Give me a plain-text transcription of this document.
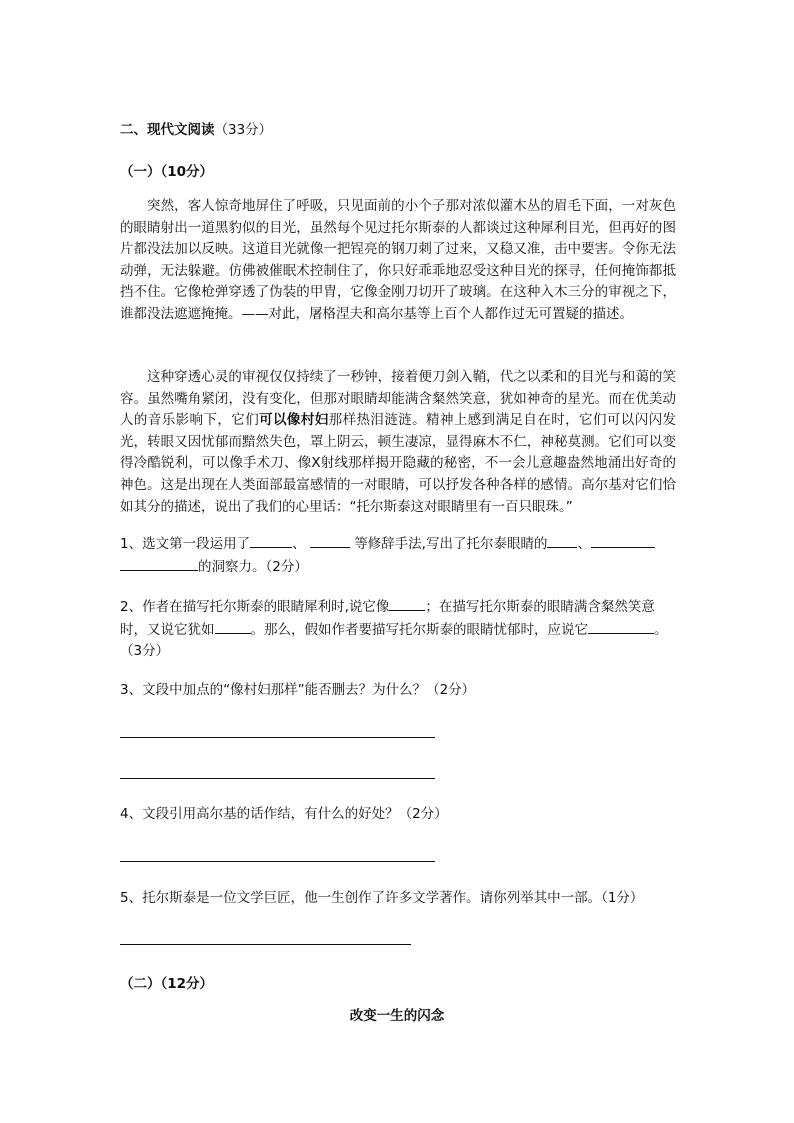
二、现代文阅读（33分）
（一）（10分）
突然，客人惊奇地屏住了呼吸，只见面前的小个子那对浓似灌木丛的眉毛下面，一对灰色的眼睛射出一道黑豹似的目光，虽然每个见过托尔斯泰的人都谈过这种犀利目光，但再好的图片都没法加以反映。这道目光就像一把锃亮的钢刀刺了过来，又稳又准，击中要害。令你无法动弹，无法躲避。仿佛被催眠术控制住了，你只好乖乖地忍受这种目光的探寻，任何掩饰都抵挡不住。它像枪弹穿透了伪装的甲胄，它像金刚刀切开了玻璃。在这种入木三分的审视之下，谁都没法遮遮掩掩。——对此，屠格涅夫和高尔基等上百个人都作过无可置疑的描述。
这种穿透心灵的审视仅仅持续了一秒钟，接着便刀剑入鞘，代之以柔和的目光与和蔼的笑容。虽然嘴角紧闭，没有变化，但那对眼睛却能满含粲然笑意，犹如神奇的星光。而在优美动人的音乐影响下，它们可以像村妇那样热泪涟涟。精神上感到满足自在时，它们可以闪闪发光，转眼又因忧郁而黯然失色，罩上阴云，顿生凄凉，显得麻木不仁，神秘莫测。它们可以变得冷酷锐利，可以像手术刀、像X射线那样揭开隐藏的秘密，不一会儿意趣盎然地涌出好奇的神色。这是出现在人类面部最富感情的一对眼睛，可以抒发各种各样的感情。高尔基对它们恰如其分的描述，说出了我们的心里话：“托尔斯泰这对眼睛里有一百只眼珠。”
1、选文第一段运用了	、	等修辞手法,写出了托尔泰眼睛的 、
的洞察力。（2分）
2、作者在描写托尔斯泰的眼睛犀利时,说它像	；在描写托尔斯泰的眼睛满含粲然笑意时，又说它犹如	。那么，假如作者要描写托尔斯泰的眼睛忧郁时，应说它	。（3分）
3、文段中加点的“像村妇那样”能否删去？为什么？（2分）
4、文段引用高尔基的话作结，有什么的好处？（2分）
5、托尔斯泰是一位文学巨匠，他一生创作了许多文学著作。请你列举其中一部。（1分）
（二）（12分）
改变一生的闪念
